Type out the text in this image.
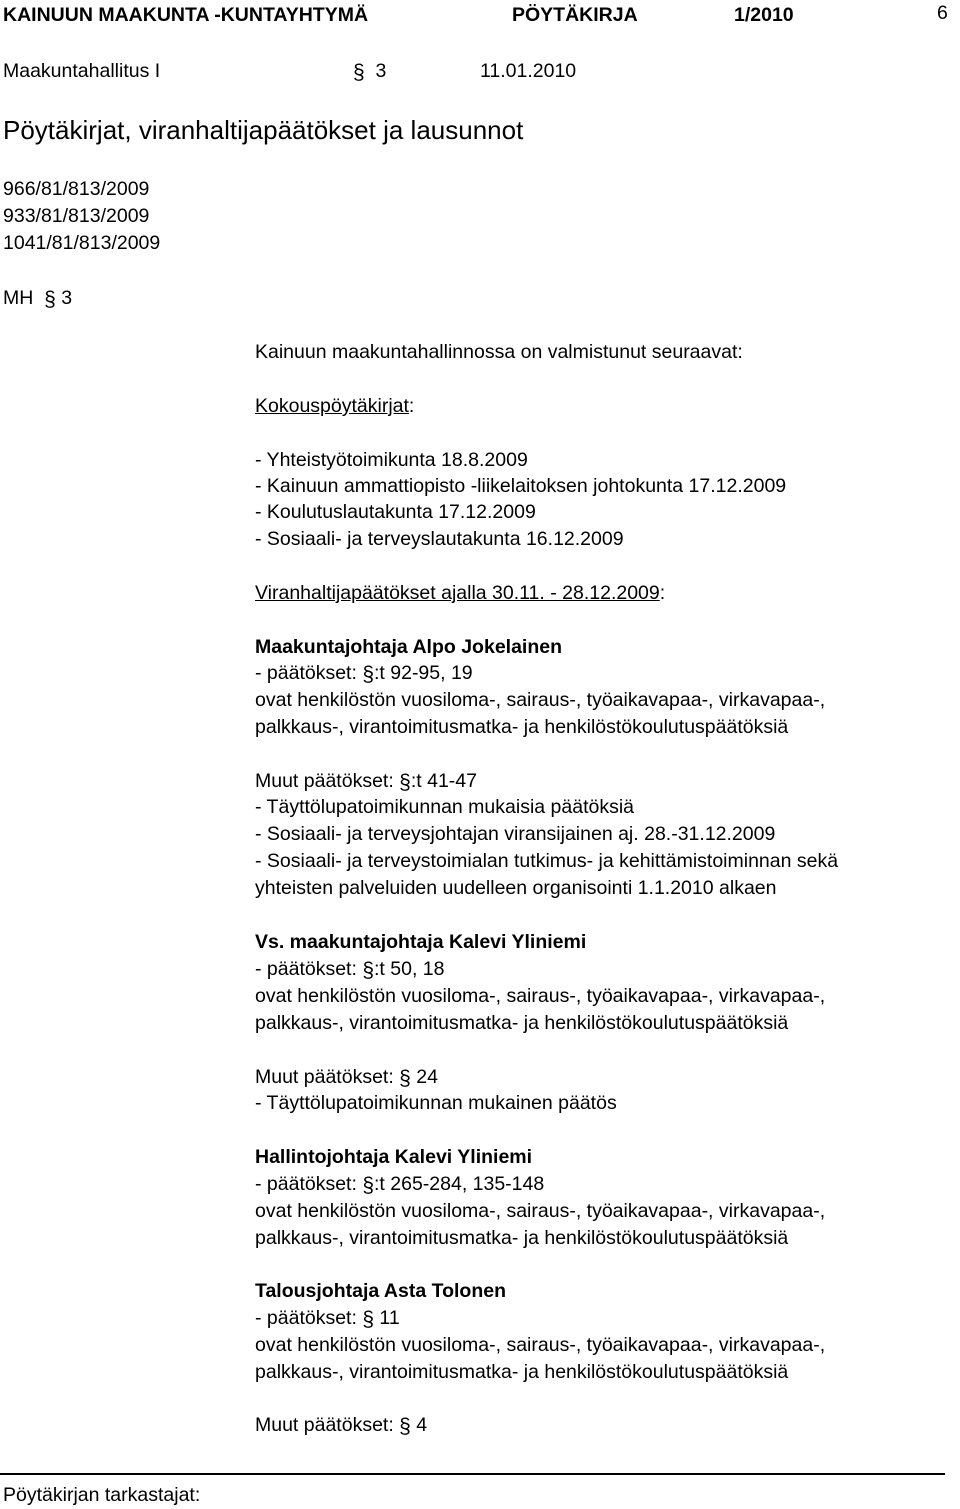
KAINUUN MAAKUNTA -KUNTAYHTYMÄ	PÖYTÄKIRJA	1/2010	6
Maakuntahallitus I	§ 3	11.01.2010
Pöytäkirjat, viranhaltijapäätökset ja lausunnot
966/81/813/2009
933/81/813/2009
1041/81/813/2009
MH § 3
Kainuun maakuntahallinnossa on valmistunut seuraavat:
Kokouspöytäkirjat:
- Yhteistyötoimikunta 18.8.2009
- Kainuun ammattiopisto -liikelaitoksen johtokunta 17.12.2009
- Koulutuslautakunta 17.12.2009
- Sosiaali- ja terveyslautakunta 16.12.2009
Viranhaltijapäätökset ajalla 30.11. - 28.12.2009:
Maakuntajohtaja Alpo Jokelainen
- päätökset: §:t 92-95, 19
ovat henkilöstön vuosiloma-, sairaus-, työaikavapaa-, virkavapaa-,
palkkaus-, virantoimitusmatka- ja henkilöstökoulutuspäätöksiä
Muut päätökset: §:t 41-47
- Täyttölupatoimikunnan mukaisia päätöksiä
- Sosiaali- ja terveysjohtajan viransijainen aj. 28.-31.12.2009
- Sosiaali- ja terveystoimialan tutkimus- ja kehittämistoiminnan sekä
yhteisten palveluiden uudelleen organisointi 1.1.2010 alkaen
Vs. maakuntajohtaja Kalevi Yliniemi
- päätökset: §:t 50, 18
ovat henkilöstön vuosiloma-, sairaus-, työaikavapaa-, virkavapaa-,
palkkaus-, virantoimitusmatka- ja henkilöstökoulutuspäätöksiä
Muut päätökset: § 24
- Täyttölupatoimikunnan mukainen päätös
Hallintojohtaja Kalevi Yliniemi
- päätökset: §:t 265-284, 135-148
ovat henkilöstön vuosiloma-, sairaus-, työaikavapaa-, virkavapaa-,
palkkaus-, virantoimitusmatka- ja henkilöstökoulutuspäätöksiä
Talousjohtaja Asta Tolonen
- päätökset: § 11
ovat henkilöstön vuosiloma-, sairaus-, työaikavapaa-, virkavapaa-,
palkkaus-, virantoimitusmatka- ja henkilöstökoulutuspäätöksiä
Muut päätökset: § 4
Pöytäkirjan tarkastajat:
